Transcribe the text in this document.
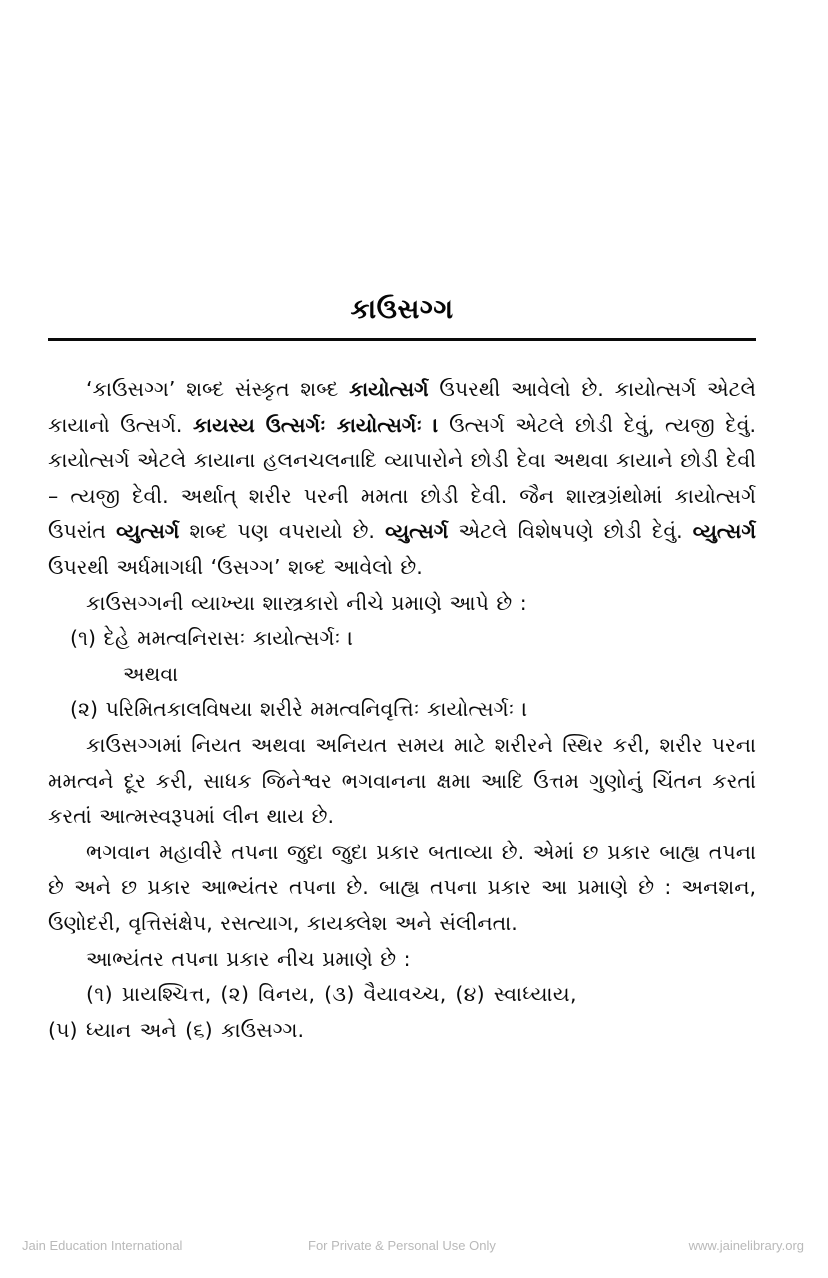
કાઉસગ્ગ

‘કાઉસગ્ગ’ શબ્દ સંસ્કૃત શબ્દ કાયોત્સર્ગ ઉપરથી આવેલો છે. કાયોત્સર્ગ એટલે કાયાનો ઉત્સર્ગ. કાયસ્ય ઉત્સર્ગઃ કાયોત્સર્ગઃ । ઉત્સર્ગ એટલે છોડી દેવું, ત્યજી દેવું. કાયોત્સર્ગ એટલે કાયાના હલનચલનાદિ વ્યાપારોને છોડી દેવા અથવા કાયાને છોડી દેવી – ત્યજી દેવી. અર્થાત્ શરીર પરની મમતા છોડી દેવી. જૈન શાસ્ત્રગ્રંથોમાં કાયોત્સર્ગ ઉપરાંત વ્યુત્સર્ગ શબ્દ પણ વપરાયો છે. વ્યુત્સર્ગ એટલે વિશેષપણે છોડી દેવું. વ્યુત્સર્ગ ઉપરથી અર્ધમાગધી ‘ઉસગ્ગ’ શબ્દ આવેલો છે.

કાઉસગ્ગની વ્યાખ્યા શાસ્ત્રકારો નીચે પ્રમાણે આપે છે :

(૧) દેહે મમત્વનિરાસઃ કાયોત્સર્ગઃ ।

અથવા

(૨) પરિમિતકાલવિષયા શરીરે મમત્વનિવૃત્તિઃ કાયોત્સર્ગઃ ।

કાઉસગ્ગમાં નિયત અથવા અનિયત સમય માટે શરીરને સ્થિર કરી, શરીર પરના મમત્વને દૂર કરી, સાધક જિનેશ્વર ભગવાનના ક્ષમા આદિ ઉત્તમ ગુણોનું ચિંતન કરતાં કરતાં આત્મસ્વરૂપમાં લીન થાય છે.

ભગવાન મહાવીરે તપના જુદા જુદા પ્રકાર બતાવ્યા છે. એમાં છ પ્રકાર બાહ્ય તપના છે અને છ પ્રકાર આભ્યંતર તપના છે. બાહ્ય તપના પ્રકાર આ પ્રમાણે છે : અનશન, ઉણોદરી, વૃત્તિસંક્ષેપ, રસત્યાગ, કાયક્લેશ અને સંલીનતા.

આભ્યંતર તપના પ્રકાર નીચ પ્રમાણે છે :

(૧) પ્રાયશ્ચિત્ત, (૨) વિનય, (૩) વૈયાવચ્ચ, (૪) સ્વાધ્યાય,

(૫) ધ્યાન અને (૬) કાઉસગ્ગ.

Jain Education International	For Private & Personal Use Only	www.jainelibrary.org
